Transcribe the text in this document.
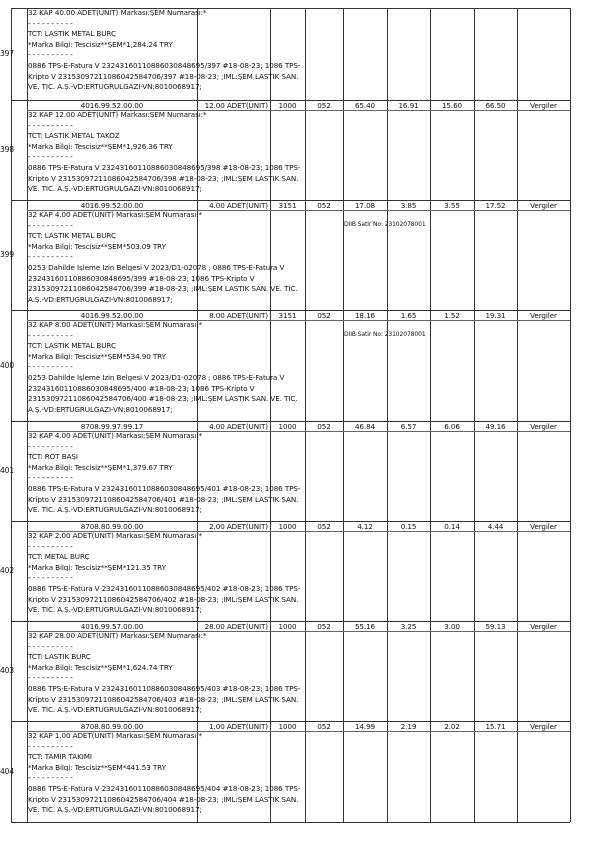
32 KAP 40.00 ADET(UNIT) Markası:ŞEM Numarası:*
- - - - - - - - - -
TCT: LASTİK METAL BURÇ
*Marka Bilgi: Tescisiz**ŞEM*1,284.24 TRY
- - - - - - - - - -
0886 TPS-E-Fatura V 23243160110886030848695/397 #18-08-23; 1086 TPS-
Kripto V 23153097211086042584706/397 #18-08-23; ;İML:ŞEM LASTİK SAN.
VE. TİC. A.Ş.-VD:ERTUGRULGAZİ-VN:8010068917;
397
4016.99.52.00.00	12.00 ADET(UNIT)	1000	052	65.40	16.91	15.60	66.50	Vergiler
32 KAP 12.00 ADET(UNIT) Markası:ŞEM Numarası:*
- - - - - - - - - -
TCT: LASTİK METAL TAKOZ
*Marka Bilgi: Tescisiz**ŞEM*1,926.36 TRY
- - - - - - - - - -
0886 TPS-E-Fatura V 23243160110886030848695/398 #18-08-23; 1086 TPS-
Kripto V 23153097211086042584706/398 #18-08-23; ;İML:ŞEM LASTİK SAN.
VE. TİC. A.Ş.-VD:ERTUGRULGAZİ-VN:8010068917;
398
4016.99.52.00.00	4.00 ADET(UNIT)	3151	052	17.08	3.85	3.55	17.52	Vergiler
32 KAP 4.00 ADET(UNIT) Markası:ŞEM Numarası:*
- - - - - - - - - -
TCT: LASTİK METAL BURÇ
*Marka Bilgi: Tescisiz**ŞEM*503.09 TRY
- - - - - - - - - -
0253 Dahilde İşleme İzin Belgesi V 2023/D1-02078 ; 0886 TPS-E-Fatura V
23243160110886030848695/399 #18-08-23; 1086 TPS-Kripto V
23153097211086042584706/399 #18-08-23; ;İML:ŞEM LASTİK SAN. VE. TİC.
A.Ş.-VD:ERTUGRULGAZİ-VN:8010068917;
DIIB Satir No: 23102078001
399
4016.99.52.00.00	8.00 ADET(UNIT)	3151	052	18.16	1.65	1.52	19.31	Vergiler
32 KAP 8.00 ADET(UNIT) Markası:ŞEM Numarası:*
- - - - - - - - - -
TCT: LASTİK METAL BURÇ
*Marka Bilgi: Tescisiz**ŞEM*534.90 TRY
- - - - - - - - - -
0253 Dahilde İşleme İzin Belgesi V 2023/D1-02078 ; 0886 TPS-E-Fatura V
23243160110886030848695/400 #18-08-23; 1086 TPS-Kripto V
23153097211086042584706/400 #18-08-23; ;İML:ŞEM LASTİK SAN. VE. TİC.
A.Ş.-VD:ERTUGRULGAZİ-VN:8010068917;
DIIB Satir No: 23102078001
400
8708.99.97.99.17	4.00 ADET(UNIT)	1000	052	46.84	6.57	6.06	49.16	Vergiler
32 KAP 4.00 ADET(UNIT) Markası:ŞEM Numarası:*
- - - - - - - - - -
TCT: ROT BAŞI
*Marka Bilgi: Tescisiz**ŞEM*1,379.67 TRY
- - - - - - - - - -
0886 TPS-E-Fatura V 23243160110886030848695/401 #18-08-23; 1086 TPS-
Kripto V 23153097211086042584706/401 #18-08-23; ;İML:ŞEM LASTİK SAN.
VE. TİC. A.Ş.-VD:ERTUGRULGAZİ-VN:8010068917;
401
8708.80.99.00.00	2.00 ADET(UNIT)	1000	052	4.12	0.15	0.14	4.44	Vergiler
32 KAP 2.00 ADET(UNIT) Markası:ŞEM Numarası:*
- - - - - - - - - -
TCT: METAL BURÇ
*Marka Bilgi: Tescisiz**ŞEM*121.35 TRY
- - - - - - - - - -
0886 TPS-E-Fatura V 23243160110886030848695/402 #18-08-23; 1086 TPS-
Kripto V 23153097211086042584706/402 #18-08-23; ;İML:ŞEM LASTİK SAN.
VE. TİC. A.Ş.-VD:ERTUGRULGAZİ-VN:8010068917;
402
4016.99.57.00.00	28.00 ADET(UNIT)	1000	052	55.16	3.25	3.00	59.13	Vergiler
32 KAP 28.00 ADET(UNIT) Markası:ŞEM Numarası:*
- - - - - - - - - -
TCT: LASTİK BURÇ
*Marka Bilgi: Tescisiz**ŞEM*1,624.74 TRY
- - - - - - - - - -
0886 TPS-E-Fatura V 23243160110886030848695/403 #18-08-23; 1086 TPS-
Kripto V 23153097211086042584706/403 #18-08-23; ;İML:ŞEM LASTİK SAN.
VE. TİC. A.Ş.-VD:ERTUGRULGAZİ-VN:8010068917;
403
8708.80.99.00.00	1.00 ADET(UNIT)	1000	052	14.99	2.19	2.02	15.71	Vergiler
32 KAP 1.00 ADET(UNIT) Markası:ŞEM Numarası:*
- - - - - - - - - -
TCT: TAMİR TAKIMI
*Marka Bilgi: Tescisiz**ŞEM*441.53 TRY
- - - - - - - - - -
0886 TPS-E-Fatura V 23243160110886030848695/404 #18-08-23; 1086 TPS-
Kripto V 23153097211086042584706/404 #18-08-23; ;İML:ŞEM LASTİK SAN.
VE. TİC. A.Ş.-VD:ERTUGRULGAZİ-VN:8010068917;
404
